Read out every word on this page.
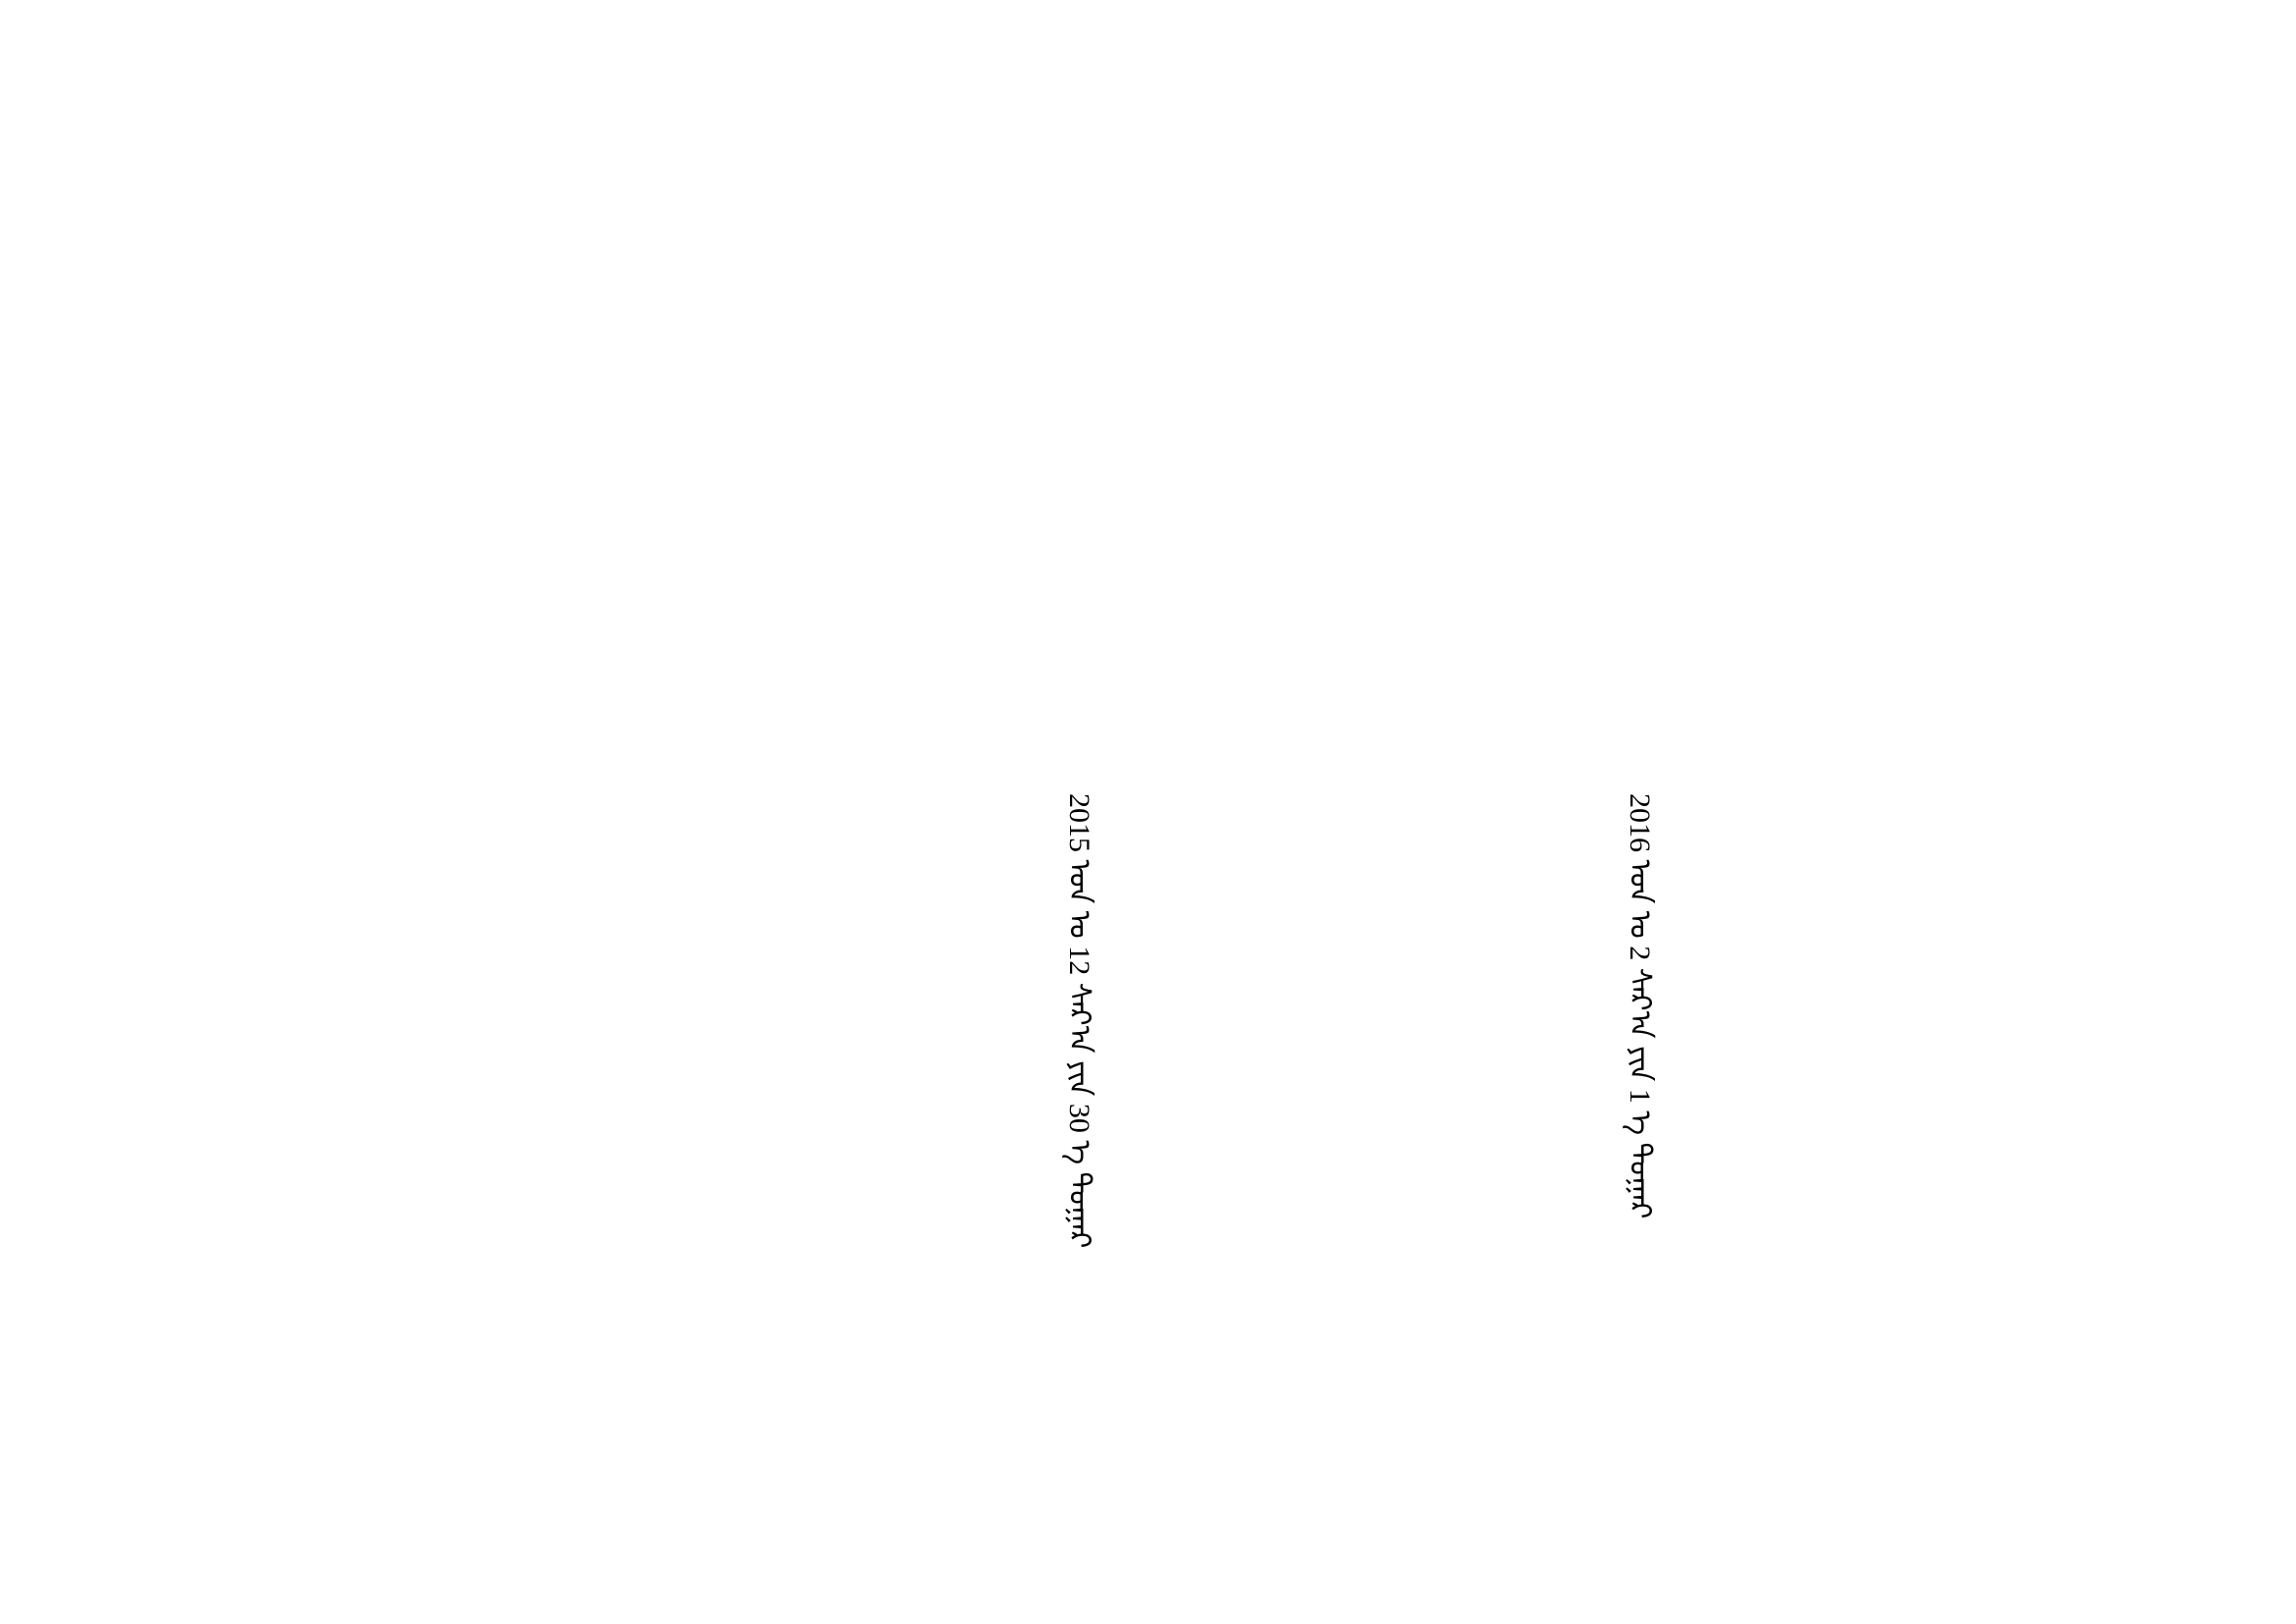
2016 ᠣᠨ ᠤ 2 ᠰᠠᠷ᠎ᠠ ᠶᠢᠨ 1 ᠡ ᠳᠤᠭᠠᠷ
2015 ᠣᠨ ᠤ 12 ᠰᠠᠷ᠎ᠠ ᠶᠢᠨ 30 ᠡ ᠳᠤᠭᠠᠷ
